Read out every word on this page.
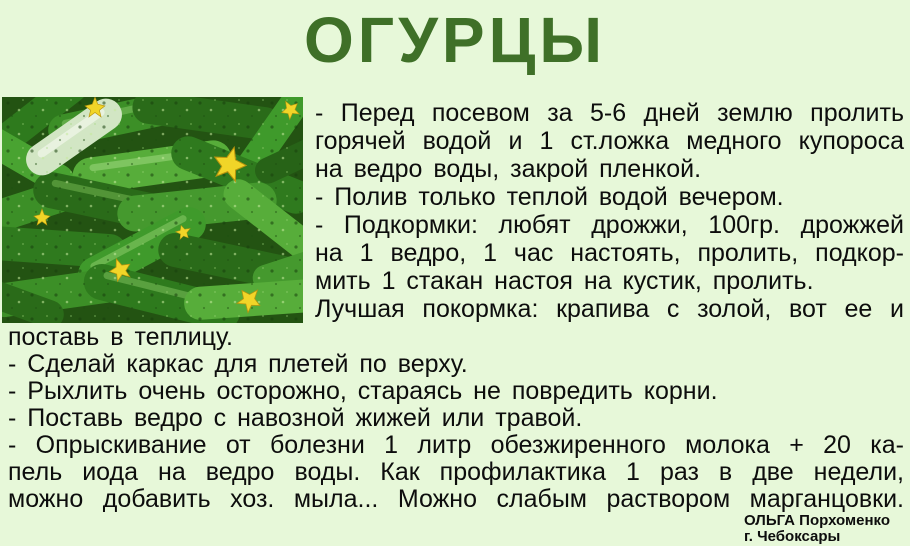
ОГУРЦЫ
- Перед посевом за 5-6 дней землю пролить
горячей водой и 1 ст.ложка медного купороса
на ведро воды, закрой пленкой.
- Полив только теплой водой вечером.
- Подкормки: любят дрожжи, 100гр. дрожжей
на 1 ведро, 1 час настоять, пролить, подкор-
мить 1 стакан настоя на кустик, пролить.
Лучшая покормка: крапива с золой, вот ее и
поставь в теплицу.
- Сделай каркас для плетей по верху.
- Рыхлить очень осторожно, стараясь не повредить корни.
- Поставь ведро с навозной жижей или травой.
- Опрыскивание от болезни 1 литр обезжиренного молока + 20 ка-
пель иода на ведро воды. Как профилактика 1 раз в две недели,
можно добавить хоз. мыла... Можно слабым раствором марганцовки.
ОЛЬГА Порхоменко
г. Чебоксары
